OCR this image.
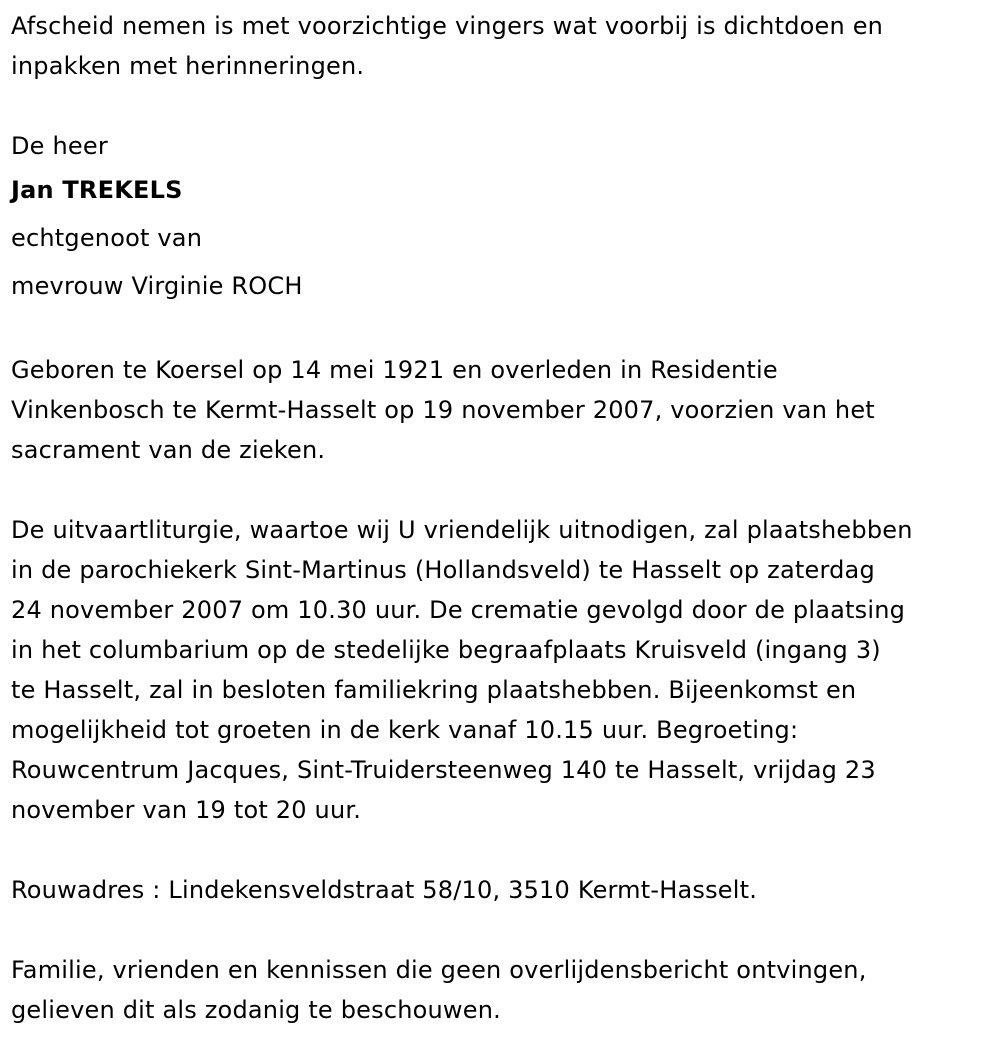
Afscheid nemen is met voorzichtige vingers wat voorbij is dichtdoen en
inpakken met herinneringen.
De heer
Jan TREKELS
echtgenoot van
mevrouw Virginie ROCH
Geboren te Koersel op 14 mei 1921 en overleden in Residentie
Vinkenbosch te Kermt-Hasselt op 19 november 2007, voorzien van het
sacrament van de zieken.
De uitvaartliturgie, waartoe wij U vriendelijk uitnodigen, zal plaatshebben
in de parochiekerk Sint-Martinus (Hollandsveld) te Hasselt op zaterdag
24 november 2007 om 10.30 uur. De crematie gevolgd door de plaatsing
in het columbarium op de stedelijke begraafplaats Kruisveld (ingang 3)
te Hasselt, zal in besloten familiekring plaatshebben. Bijeenkomst en
mogelijkheid tot groeten in de kerk vanaf 10.15 uur. Begroeting:
Rouwcentrum Jacques, Sint-Truidersteenweg 140 te Hasselt, vrijdag 23
november van 19 tot 20 uur.
Rouwadres : Lindekensveldstraat 58/10, 3510 Kermt-Hasselt.
Familie, vrienden en kennissen die geen overlijdensbericht ontvingen,
gelieven dit als zodanig te beschouwen.
